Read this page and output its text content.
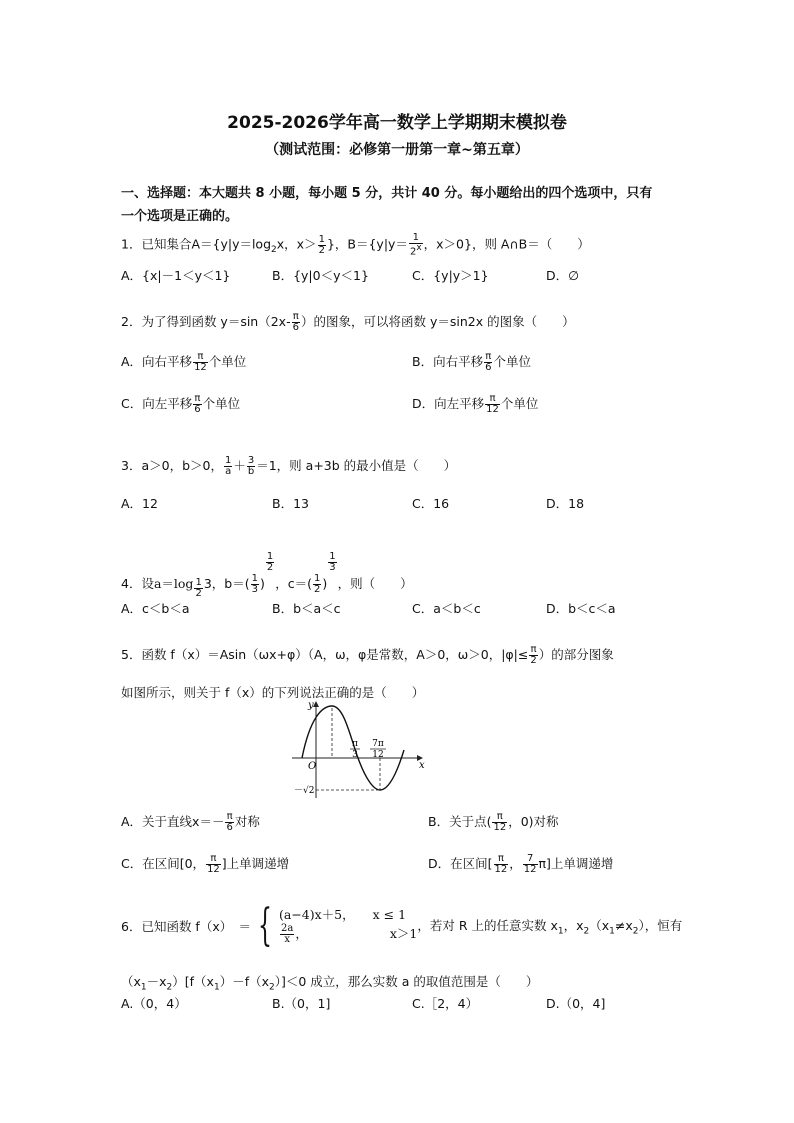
2025-2026学年高一数学上学期期末模拟卷
（测试范围：必修第一册第一章~第五章）
一、选择题：本大题共 8 小题，每小题 5 分，共计 40 分。每小题给出的四个选项中，只有
一个选项是正确的。
1．已知集合$A=\{y|y=\log_2x$，$x> \frac{1}{2}$ }，$B=\{y|y= \frac{1}{2^x}$ ，x＞0}，则 A∩B＝（　　）
A．{x|－1＜y＜1}	B．{y|0＜y＜1}	C．{y|y＞1}	D．∅
2．为了得到函数 $y=\sin(2x- \frac{\pi}{6}$ ）的图象，可以将函数 y＝sin2x 的图象（　　）
A．向右平移 $\frac{\pi}{12}$ 个单位	B．向右平移 $\frac{\pi}{6}$ 个单位
C．向左平移 $\frac{\pi}{6}$ 个单位	D．向左平移 $\frac{\pi}{12}$ 个单位
3．a＞0，b＞0， $\frac{1}{a} + \frac{3}{b} =1$，则 a+3b 的最小值是（　　）
A．12	B．13	C．16	D．18
4．设$a=\log \frac{1}{2} 3$，$b=( \frac{1}{3}$ )
$\frac{1}{2}$
，$c=( \frac{1}{2}$ )
$\frac{1}{3}$
，则（　　）
A．c＜b＜a	B．b＜a＜c	C．a＜b＜c	D．b＜c＜a
5．函数 f（x）＝Asin（ωx+φ）（A，ω，φ是常数，A＞0，ω＞0，$|\varphi|\le \frac{\pi}{2}$ ）的部分图象
如图所示，则关于 f（x）的下列说法正确的是（　　）
y
x
O
π
3
7π
12
－√2
A．关于直线$x=- \frac{\pi}{6}$ 对称	B．关于点( $\frac{\pi}{12}$ ，0)对称
C．在区间[0， $\frac{\pi}{12}$ ]上单调递增	D．在区间[ $\frac{\pi}{12}$ ， $\frac{7}{12} \pi$]上单调递增
6．已知函数 f（x）　＝ { (a−4)x＋5， x ≤ 1
$\frac{2a}{x}$ ，	x＞1
，若对 R 上的任意实数 $x_1$，$x_2(x_1\ne x_2)$，恒有
$(x_1-x_2)[f(x_1)-f(x_2)]<0$ 成立，那么实数 a 的取值范围是（　　）
A.（0，4）	B.（0，1]	C.［2，4）	D.（0，4]
